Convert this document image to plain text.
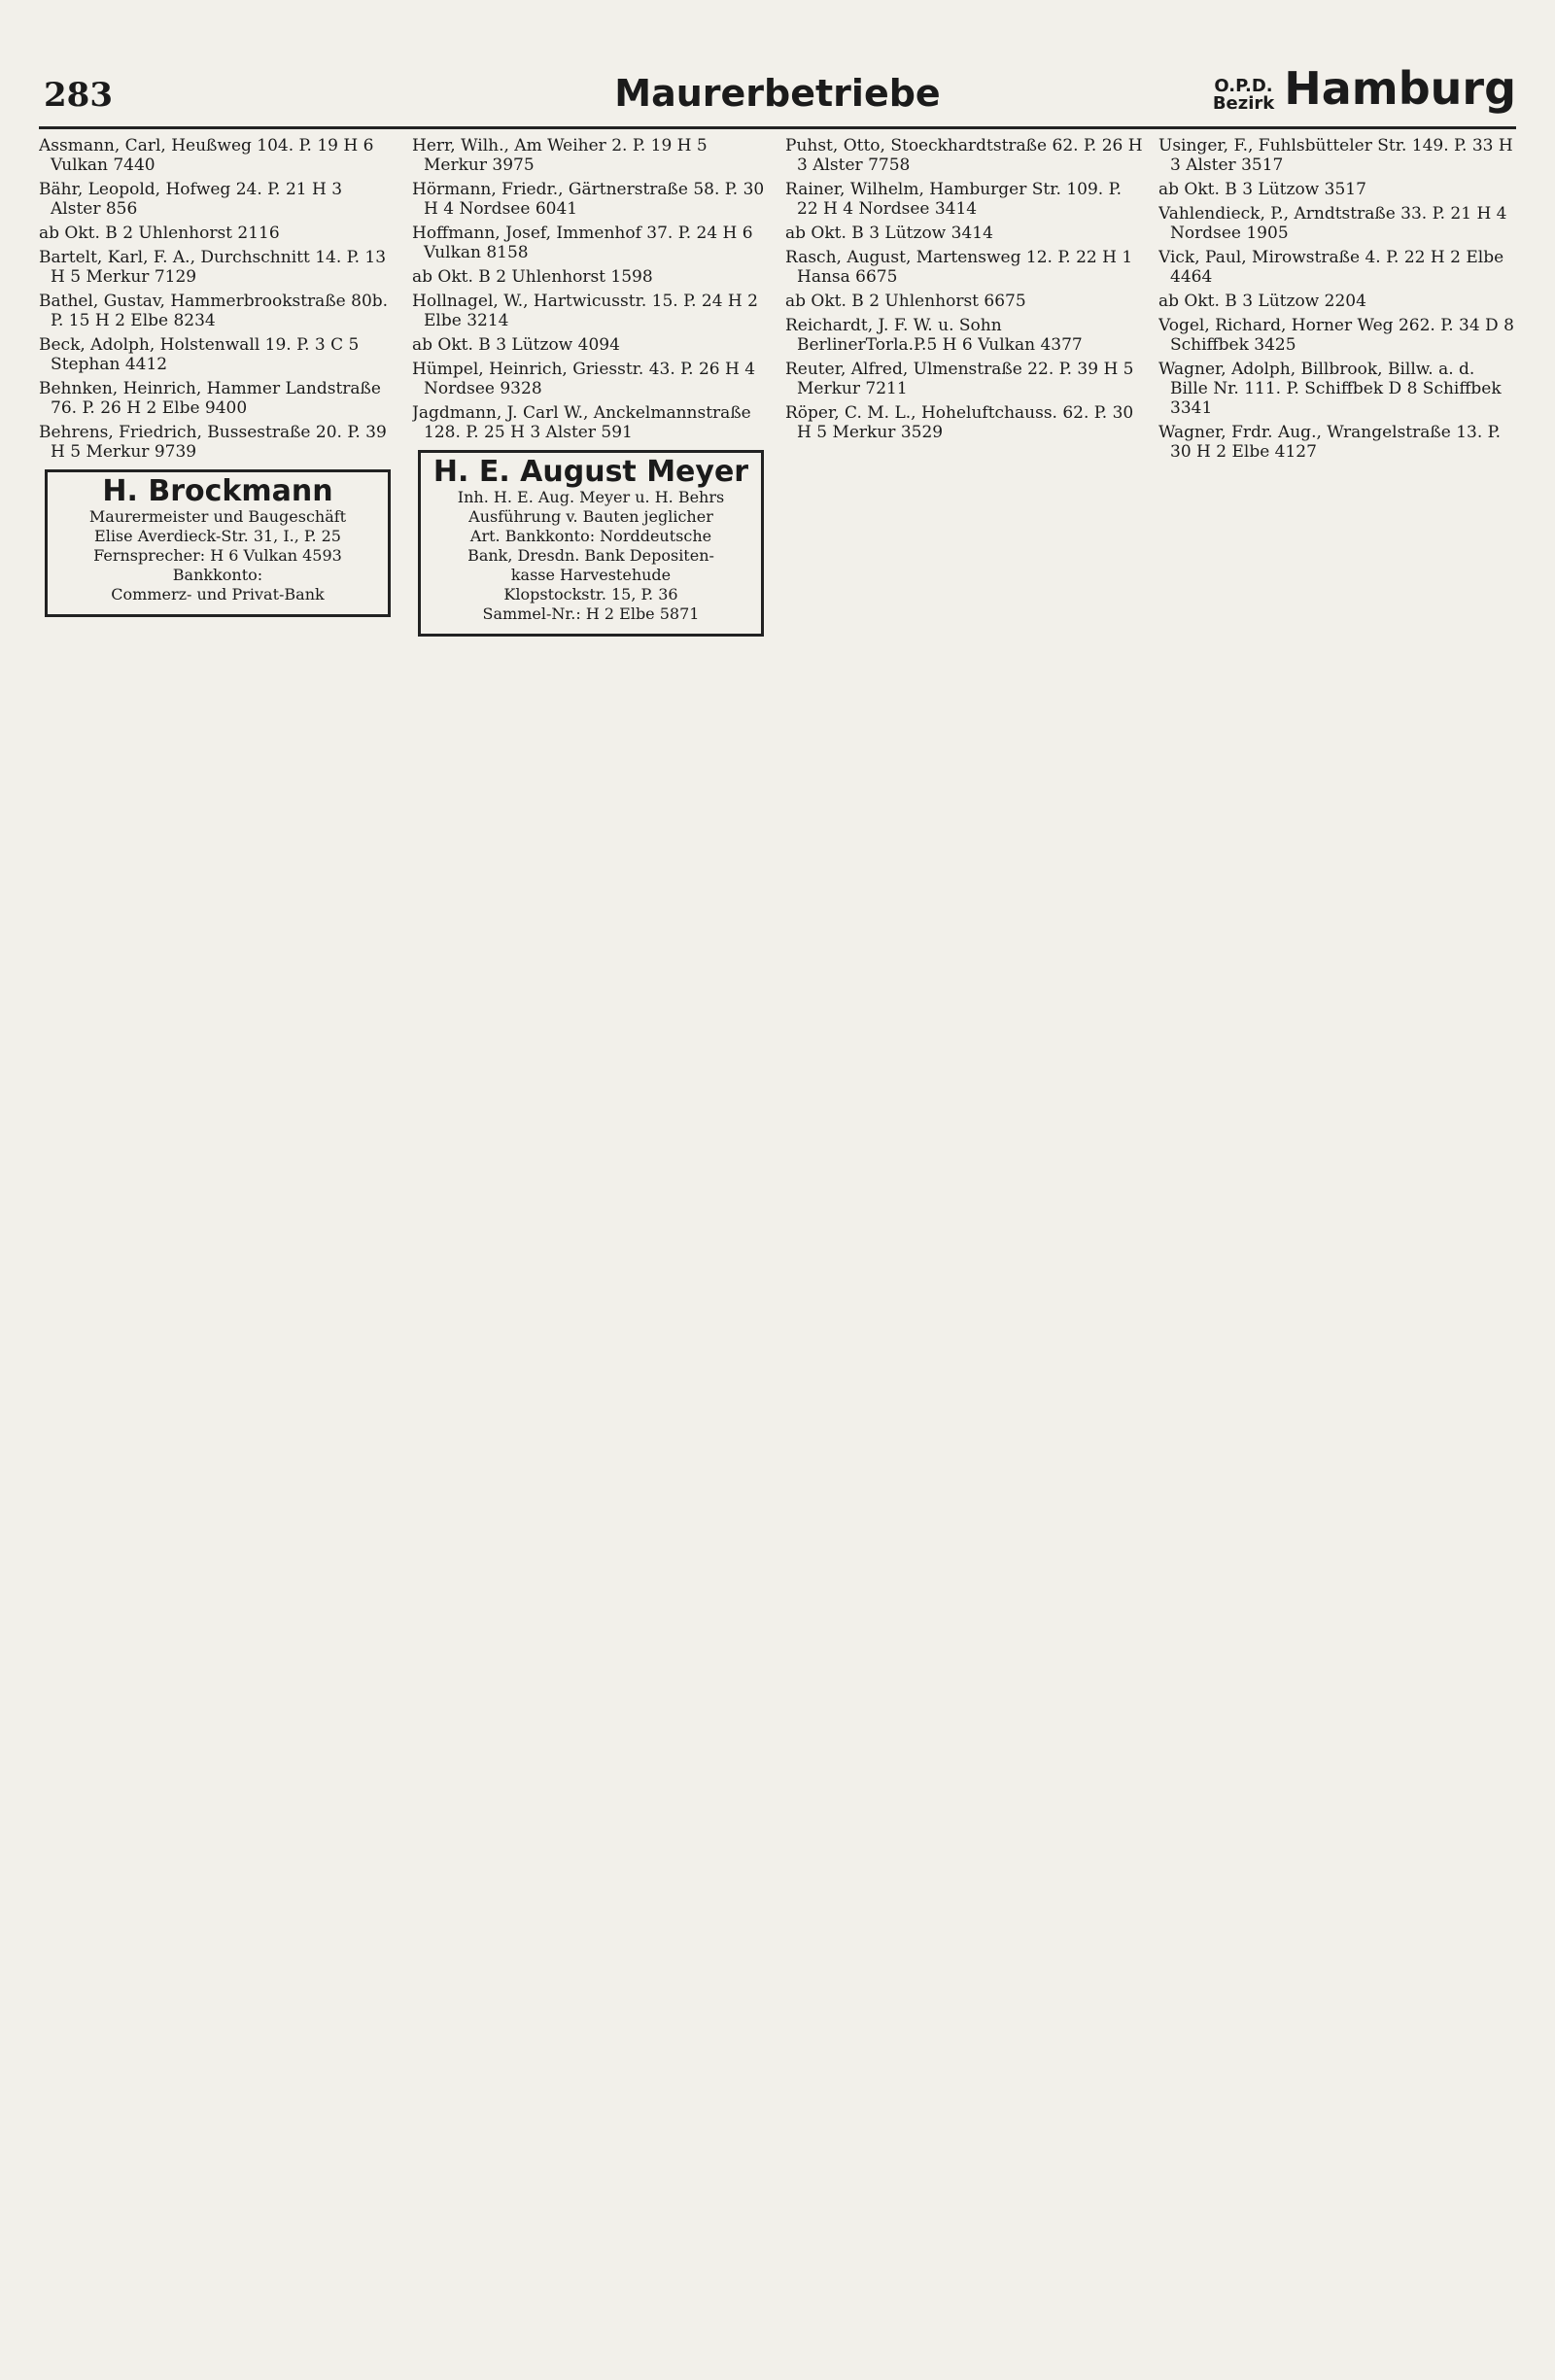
283	Maurerbetriebe	O.P.D.
Bezirk Hamburg
Assmann, Carl, Heußweg 104. P. 19 H 6 Vulkan 7440
Bähr, Leopold, Hofweg 24. P. 21 H 3 Alster 856
ab Okt. B 2 Uhlenhorst 2116
Bartelt, Karl, F. A., Durchschnitt 14. P. 13 H 5 Merkur 7129
Bathel, Gustav, Hammerbrookstraße 80b. P. 15 H 2 Elbe 8234
Beck, Adolph, Holstenwall 19. P. 3 C 5 Stephan 4412
Behnken, Heinrich, Hammer Landstraße 76. P. 26 H 2 Elbe 9400
Behrens, Friedrich, Bussestraße 20. P. 39 H 5 Merkur 9739
H. Brockmann
Maurermeister und Baugeschäft
Elise Averdieck-Str. 31, I., P. 25
Fernsprecher: H 6 Vulkan 4593
Bankkonto:
Commerz- und Privat-Bank
Herr, Wilh., Am Weiher 2. P. 19 H 5 Merkur 3975
Hörmann, Friedr., Gärtnerstraße 58. P. 30 H 4 Nordsee 6041
Hoffmann, Josef, Immenhof 37. P. 24 H 6 Vulkan 8158
ab Okt. B 2 Uhlenhorst 1598
Hollnagel, W., Hartwicusstr. 15. P. 24 H 2 Elbe 3214
ab Okt. B 3 Lützow 4094
Hümpel, Heinrich, Griesstr. 43. P. 26 H 4 Nordsee 9328
Jagdmann, J. Carl W., Anckelmannstraße 128. P. 25 H 3 Alster 591
H. E. August Meyer
Inh. H. E. Aug. Meyer u. H. Behrs
Ausführung v. Bauten jeglicher
Art. Bankkonto: Norddeutsche
Bank, Dresdn. Bank Depositen-
kasse Harvestehude
Klopstockstr. 15, P. 36
Sammel-Nr.: H 2 Elbe 5871
Puhst, Otto, Stoeckhardtstraße 62. P. 26 H 3 Alster 7758
Rainer, Wilhelm, Hamburger Str. 109. P. 22 H 4 Nordsee 3414
ab Okt. B 3 Lützow 3414
Rasch, August, Martensweg 12. P. 22 H 1 Hansa 6675
ab Okt. B 2 Uhlenhorst 6675
Reichardt, J. F. W. u. Sohn BerlinerTorla.P.5 H 6 Vulkan 4377
Reuter, Alfred, Ulmenstraße 22. P. 39 H 5 Merkur 7211
Röper, C. M. L., Hoheluftchauss. 62. P. 30 H 5 Merkur 3529
Usinger, F., Fuhlsbütteler Str. 149. P. 33 H 3 Alster 3517
ab Okt. B 3 Lützow 3517
Vahlendieck, P., Arndtstraße 33. P. 21 H 4 Nordsee 1905
Vick, Paul, Mirowstraße 4. P. 22 H 2 Elbe 4464
ab Okt. B 3 Lützow 2204
Vogel, Richard, Horner Weg 262. P. 34 D 8 Schiffbek 3425
Wagner, Adolph, Billbrook, Billw. a. d. Bille Nr. 111. P. Schiffbek D 8 Schiffbek 3341
Wagner, Frdr. Aug., Wrangelstraße 13. P. 30 H 2 Elbe 4127
